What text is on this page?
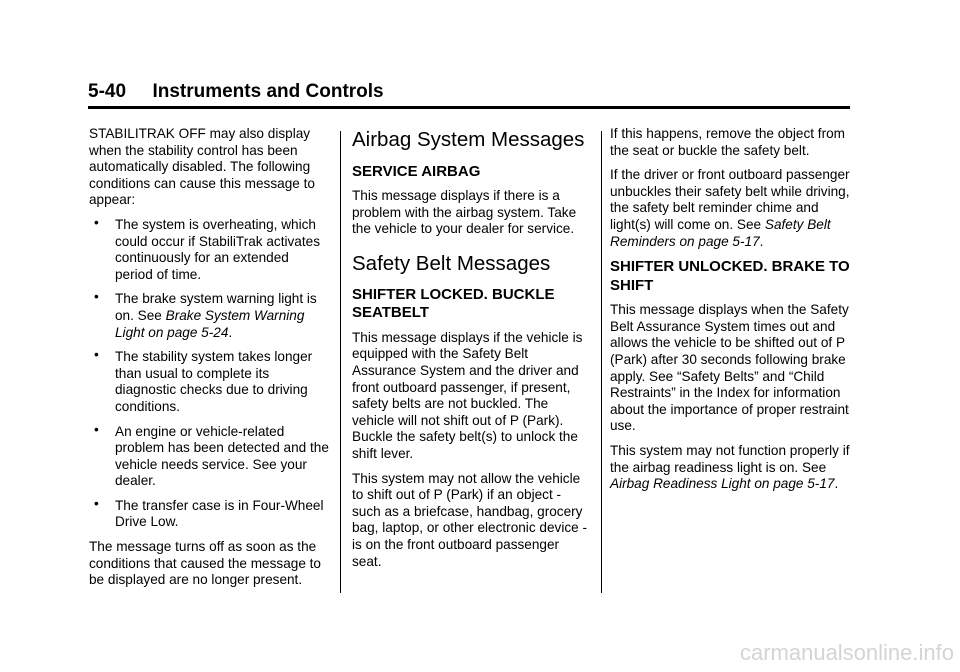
5-40 Instruments and Controls

STABILITRAK OFF may also display when the stability control has been automatically disabled. The following conditions can cause this message to appear:

• The system is overheating, which could occur if StabiliTrak activates continuously for an extended period of time.
• The brake system warning light is on. See Brake System Warning Light on page 5-24.
• The stability system takes longer than usual to complete its diagnostic checks due to driving conditions.
• An engine or vehicle-related problem has been detected and the vehicle needs service. See your dealer.
• The transfer case is in Four-Wheel Drive Low.

The message turns off as soon as the conditions that caused the message to be displayed are no longer present.

Airbag System Messages
SERVICE AIRBAG

This message displays if there is a problem with the airbag system. Take the vehicle to your dealer for service.

Safety Belt Messages
SHIFTER LOCKED. BUCKLE SEATBELT

This message displays if the vehicle is equipped with the Safety Belt Assurance System and the driver and front outboard passenger, if present, safety belts are not buckled. The vehicle will not shift out of P (Park). Buckle the safety belt(s) to unlock the shift lever.

This system may not allow the vehicle to shift out of P (Park) if an object - such as a briefcase, handbag, grocery bag, laptop, or other electronic device - is on the front outboard passenger seat.

If this happens, remove the object from the seat or buckle the safety belt.

If the driver or front outboard passenger unbuckles their safety belt while driving, the safety belt reminder chime and light(s) will come on. See Safety Belt Reminders on page 5-17.

SHIFTER UNLOCKED. BRAKE TO SHIFT

This message displays when the Safety Belt Assurance System times out and allows the vehicle to be shifted out of P (Park) after 30 seconds following brake apply. See “Safety Belts” and “Child Restraints” in the Index for information about the importance of proper restraint use.

This system may not function properly if the airbag readiness light is on. See Airbag Readiness Light on page 5-17.

carmanualsonline.info
